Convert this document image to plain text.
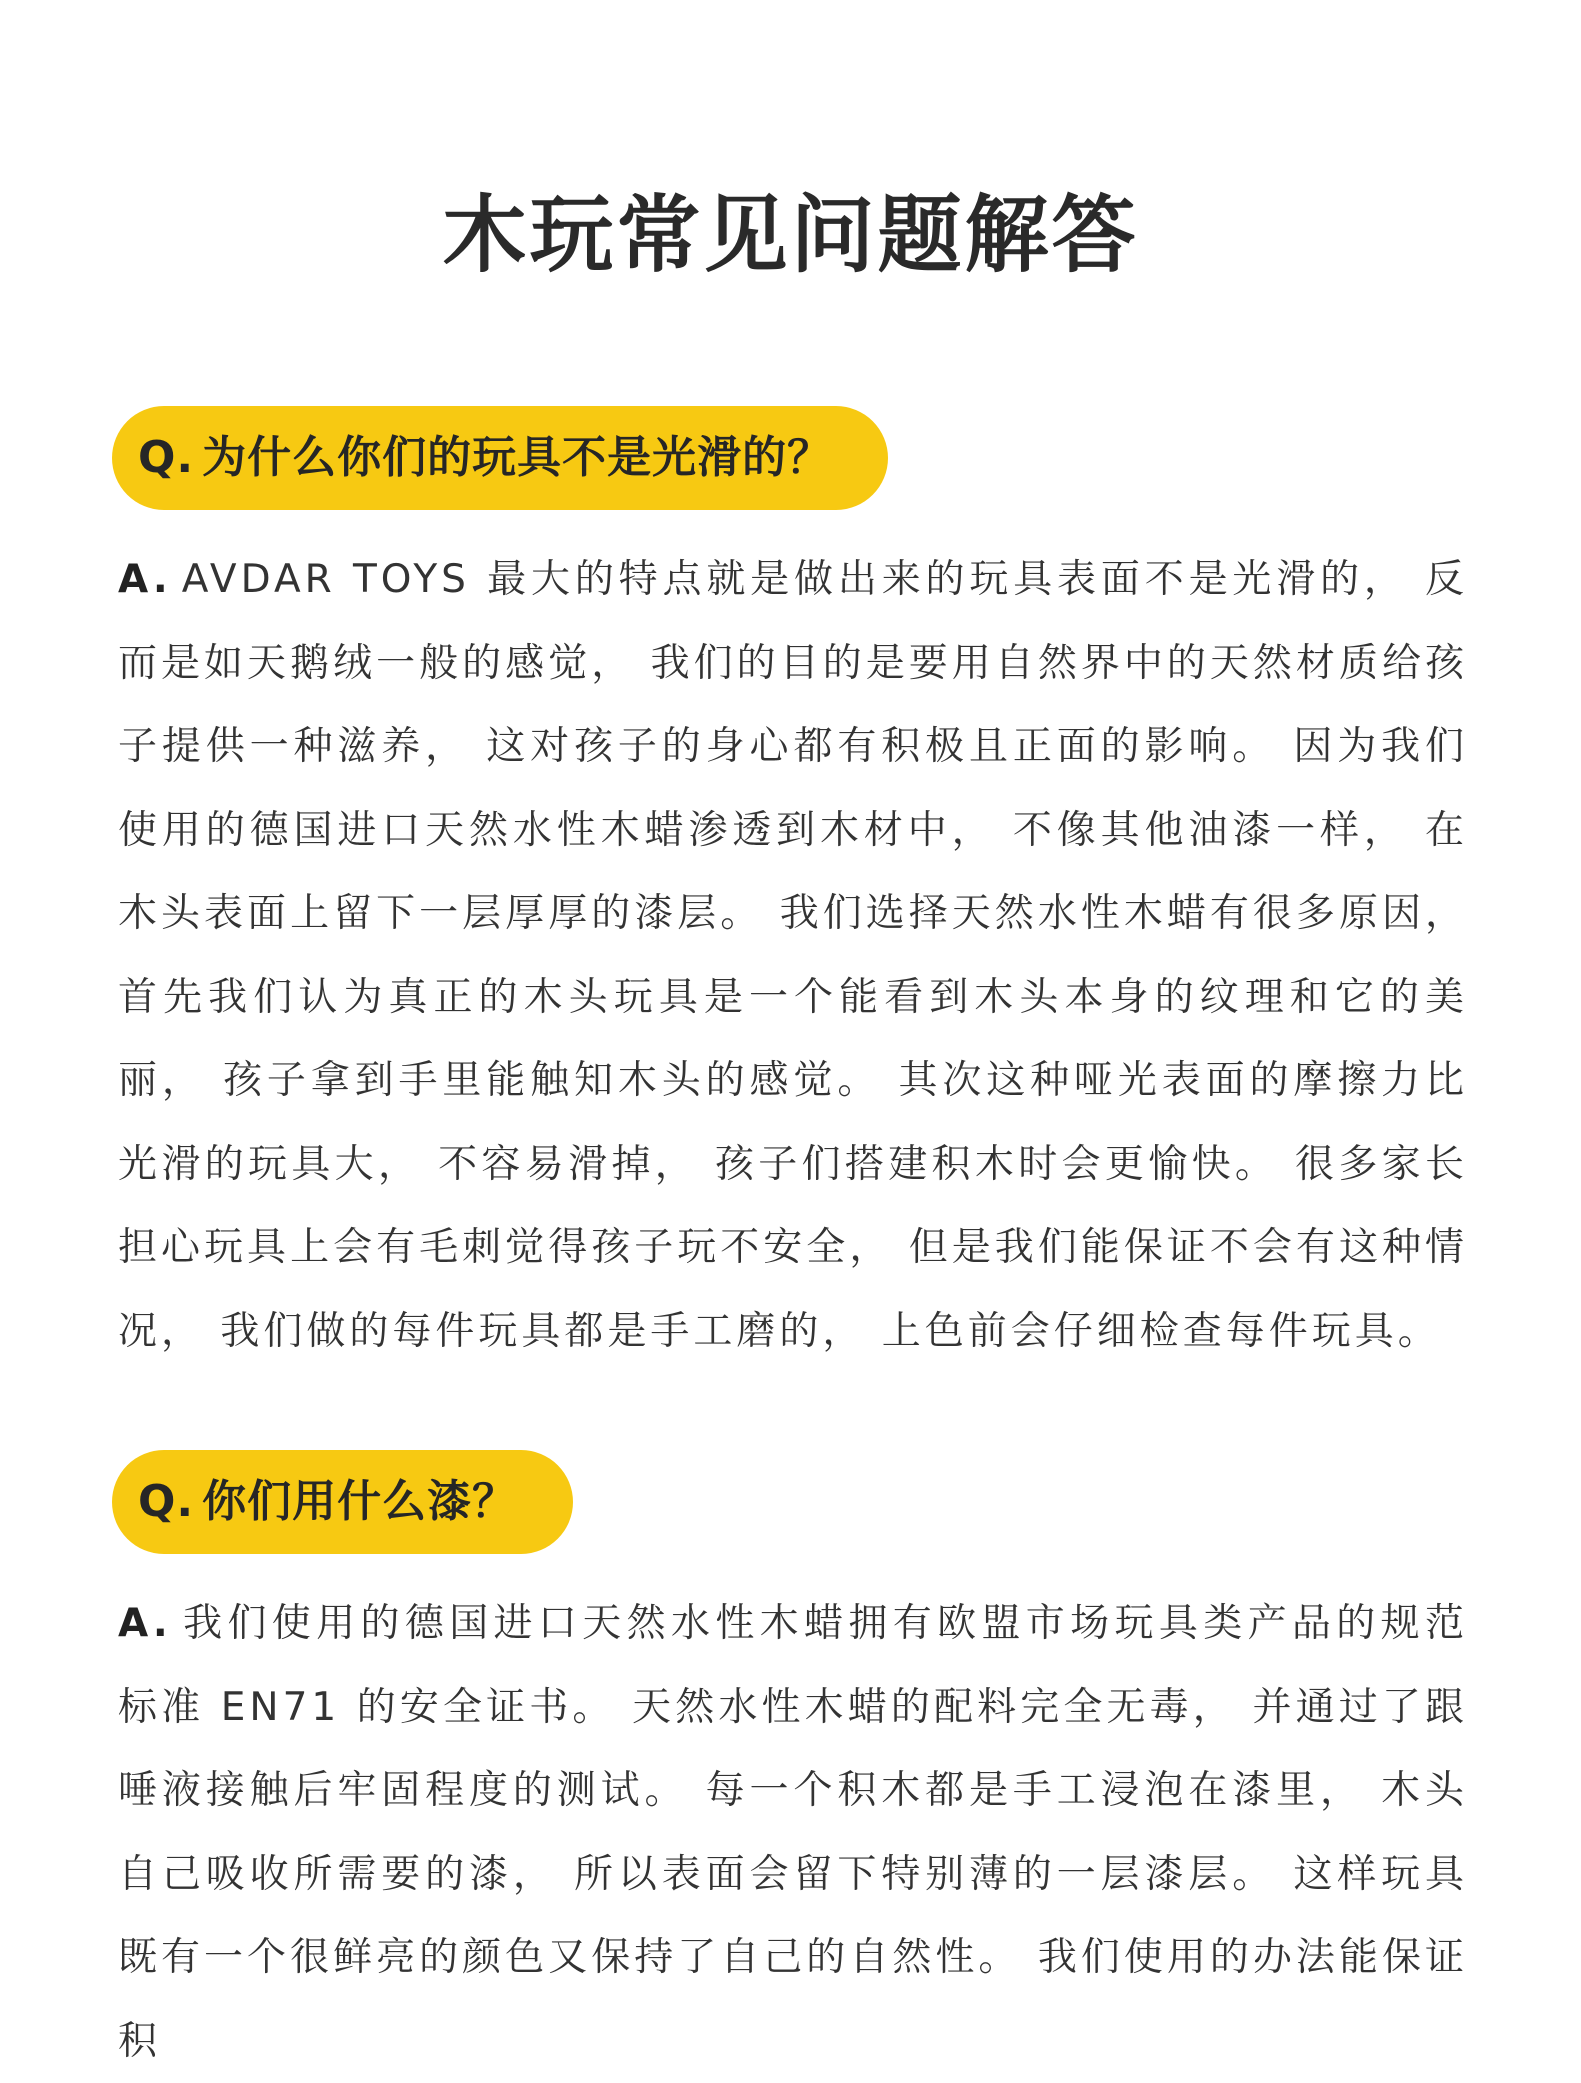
木玩常见问题解答
Q. 为什么你们的玩具不是光滑的？

A. AVDAR TOYS 最大的特点就是做出来的玩具表面不是光滑的， 反而是如天鹅绒一般的感觉， 我们的目的是要用自然界中的天然材质给孩子提供一种滋养， 这对孩子的身心都有积极且正面的影响。 因为我们使用的德国进口天然水性木蜡渗透到木材中， 不像其他油漆一样， 在木头表面上留下一层厚厚的漆层。 我们选择天然水性木蜡有很多原因， 首先我们认为真正的木头玩具是一个能看到木头本身的纹理和它的美丽， 孩子拿到手里能触知木头的感觉。 其次这种哑光表面的摩擦力比光滑的玩具大， 不容易滑掉， 孩子们搭建积木时会更愉快。 很多家长担心玩具上会有毛刺觉得孩子玩不安全， 但是我们能保证不会有这种情况， 我们做的每件玩具都是手工磨的， 上色前会仔细检查每件玩具。

Q. 你们用什么漆？

A. 我们使用的德国进口天然水性木蜡拥有欧盟市场玩具类产品的规范标准 EN71 的安全证书。 天然水性木蜡的配料完全无毒， 并通过了跟唾液接触后牢固程度的测试。 每一个积木都是手工浸泡在漆里， 木头自己吸收所需要的漆， 所以表面会留下特别薄的一层漆层。 这样玩具既有一个很鲜亮的颜色又保持了自己的自然性。 我们使用的办法能保证积
